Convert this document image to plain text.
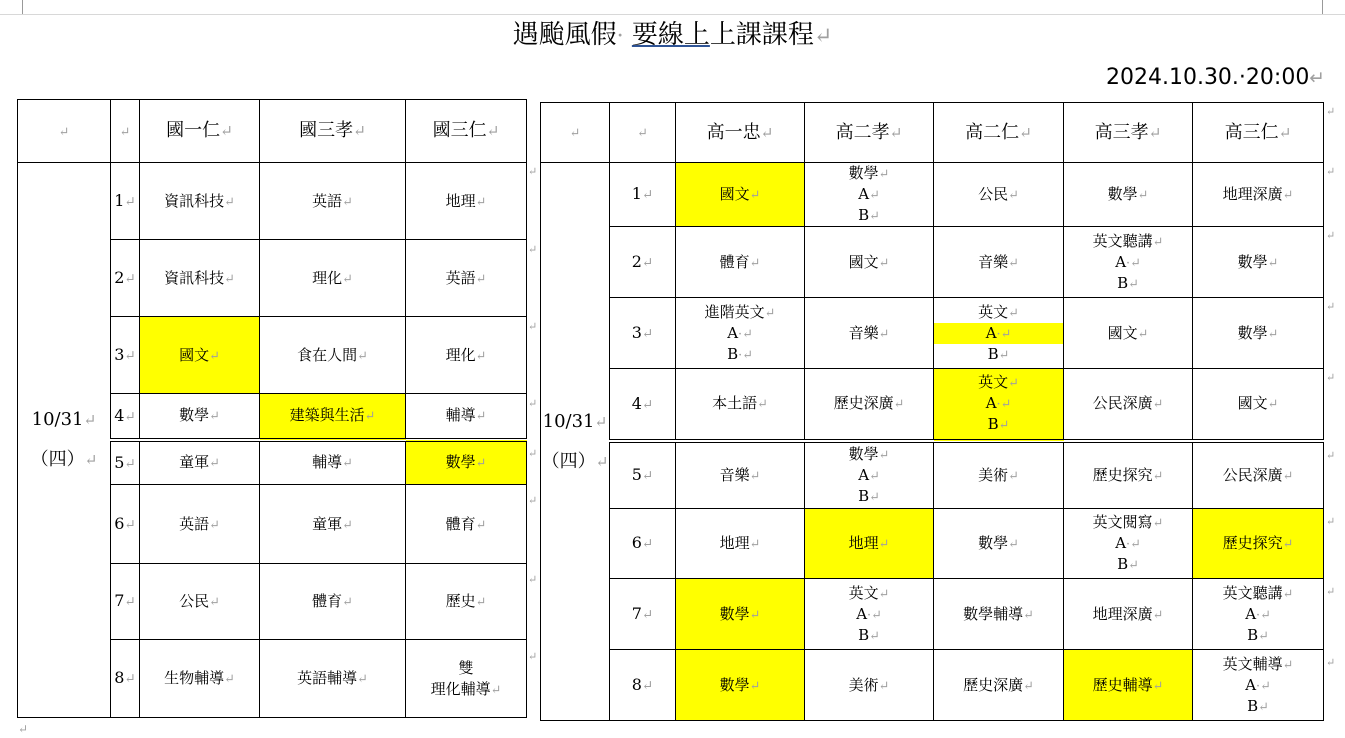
遇颱風假· 要線上上課課程↵
2024.10.30.·20:00↵
↵	↵	國一仁↵	國三孝↵	國三仁↵

10/31↵
（四）↵	1↵	資訊科技↵	英語↵	地理↵
	2↵	資訊科技↵	理化↵	英語↵
	3↵	國文↵	食在人間↵	理化↵
	4↵	數學↵	建築與生活↵	輔導↵
	5↵	童軍↵	輔導↵	數學↵
	6↵	英語↵	童軍↵	體育↵
	7↵	公民↵	體育↵	歷史↵
	8↵	生物輔導↵	英語輔導↵	雙
理化輔導↵
↵	↵	高一忠↵	高二孝↵	高二仁↵	高三孝↵	高三仁↵

10/31↵
（四）↵	1↵	國文↵	數學↵
A↵
B↵	公民↵	數學↵	地理深廣↵
	2↵	體育↵	國文↵	音樂↵	英文聽講↵
A·↵
B↵	數學↵
	3↵	進階英文↵
A·↵
B·↵	音樂↵	英文↵
A·↵
B↵	國文↵	數學↵
	4↵	本土語↵	歷史深廣↵	英文↵
A·↵
B↵	公民深廣↵	國文↵
	5↵	音樂↵	數學↵
A↵
B↵	美術↵	歷史探究↵	公民深廣↵
	6↵	地理↵	地理↵	數學↵	英文閱寫↵
A·↵
B↵	歷史探究↵
	7↵	數學↵	英文↵
A·↵
B↵	數學輔導↵	地理深廣↵	英文聽講↵
A·↵
B↵

	8↵	數學↵	美術↵	歷史深廣↵	歷史輔導↵	英文輔導↵
A·↵
B↵
↵
↵
↵
↵
↵
↵
↵
↵
↵
↵
↵
↵
↵
↵
↵
↵
↵
↵
